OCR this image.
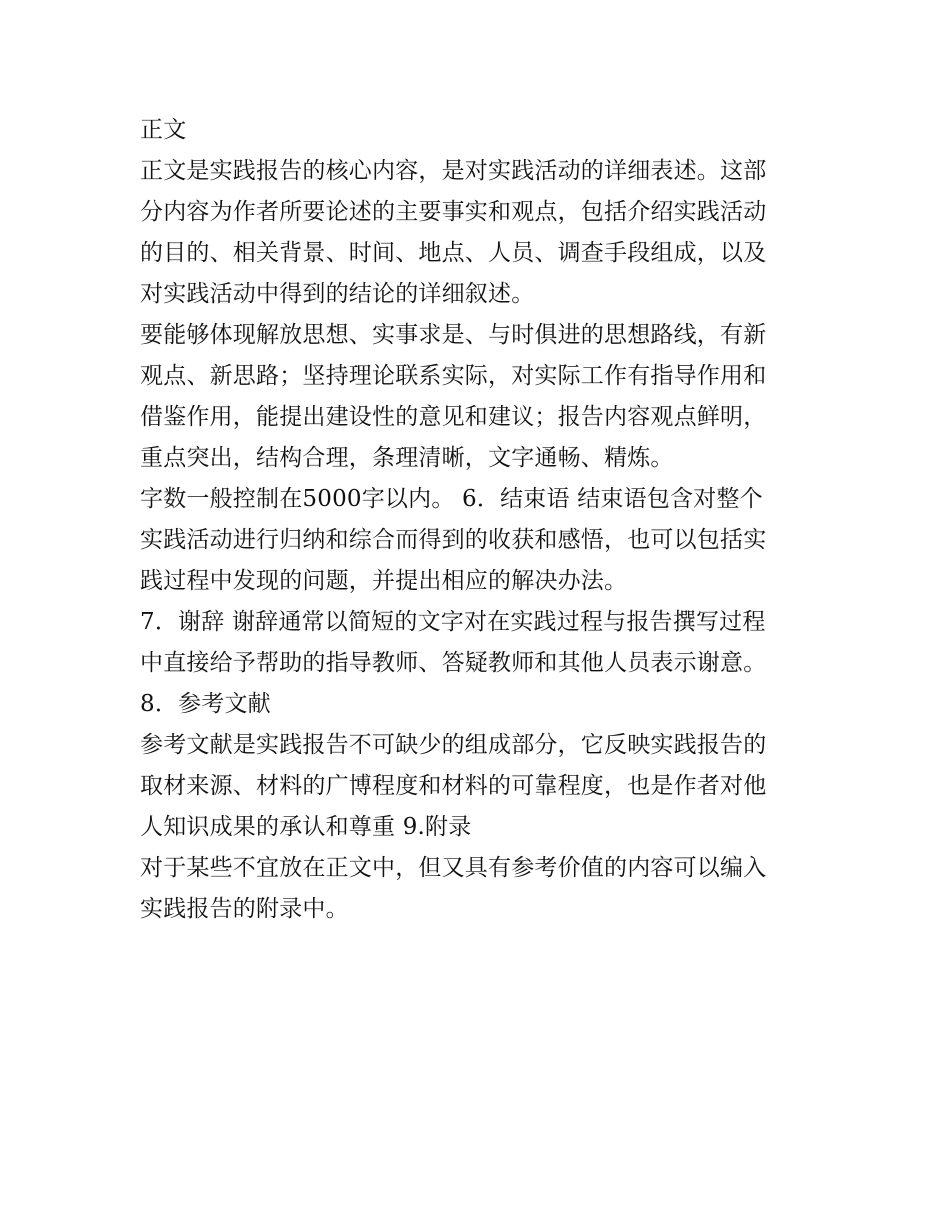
正文
正文是实践报告的核心内容，是对实践活动的详细表述。这部
分内容为作者所要论述的主要事实和观点，包括介绍实践活动
的目的、相关背景、时间、地点、人员、调查手段组成，以及
对实践活动中得到的结论的详细叙述。
要能够体现解放思想、实事求是、与时俱进的思想路线，有新
观点、新思路；坚持理论联系实际，对实际工作有指导作用和
借鉴作用，能提出建设性的意见和建议；报告内容观点鲜明，
重点突出，结构合理，条理清晰，文字通畅、精炼。
字数一般控制在5000字以内。 6．结束语 结束语包含对整个
实践活动进行归纳和综合而得到的收获和感悟，也可以包括实
践过程中发现的问题，并提出相应的解决办法。
7．谢辞 谢辞通常以简短的文字对在实践过程与报告撰写过程
中直接给予帮助的指导教师、答疑教师和其他人员表示谢意。
8．参考文献
参考文献是实践报告不可缺少的组成部分，它反映实践报告的
取材来源、材料的广博程度和材料的可靠程度，也是作者对他
人知识成果的承认和尊重 9.附录
对于某些不宜放在正文中，但又具有参考价值的内容可以编入
实践报告的附录中。
